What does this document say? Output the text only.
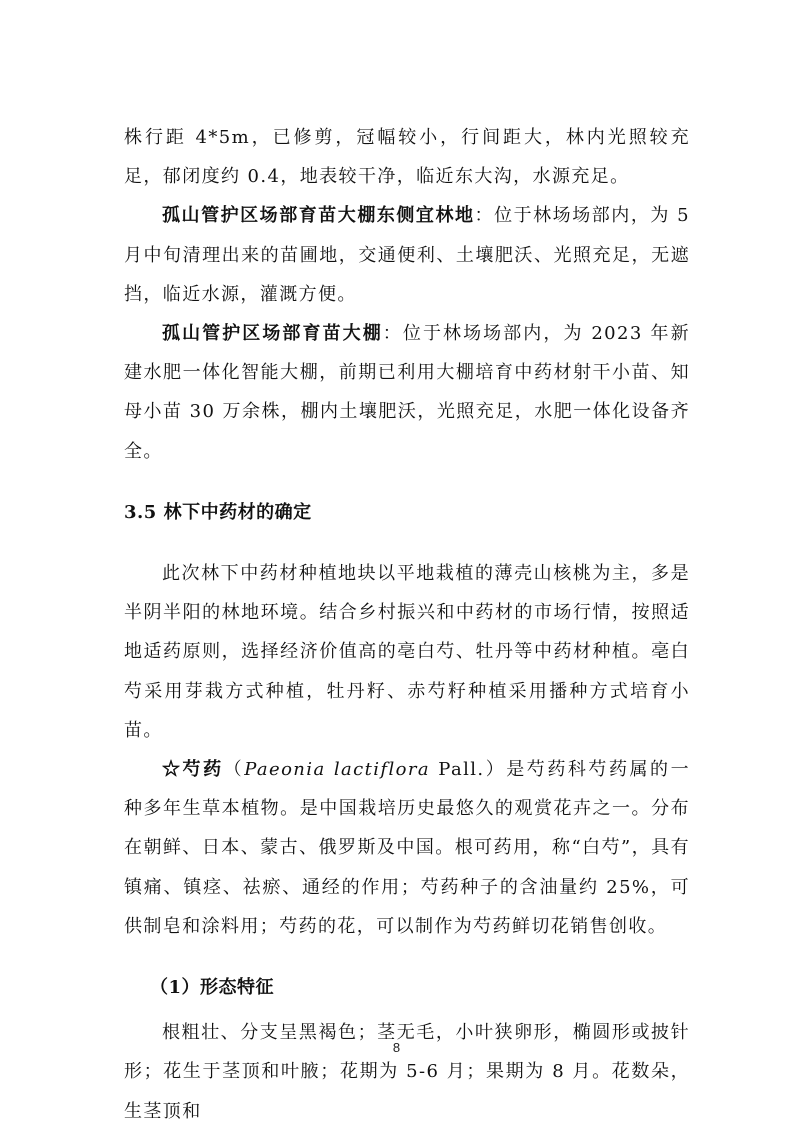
株行距 4*5m，已修剪，冠幅较小，行间距大，林内光照较充足，郁闭度约 0.4，地表较干净，临近东大沟，水源充足。

孤山管护区场部育苗大棚东侧宜林地：位于林场场部内，为 5 月中旬清理出来的苗圃地，交通便利、土壤肥沃、光照充足，无遮挡，临近水源，灌溉方便。

孤山管护区场部育苗大棚：位于林场场部内，为 2023 年新建水肥一体化智能大棚，前期已利用大棚培育中药材射干小苗、知母小苗 30 万余株，棚内土壤肥沃，光照充足，水肥一体化设备齐全。

3.5 林下中药材的确定

此次林下中药材种植地块以平地栽植的薄壳山核桃为主，多是半阴半阳的林地环境。结合乡村振兴和中药材的市场行情，按照适地适药原则，选择经济价值高的亳白芍、牡丹等中药材种植。亳白芍采用芽栽方式种植，牡丹籽、赤芍籽种植采用播种方式培育小苗。

☆芍药（Paeonia lactiflora Pall.）是芍药科芍药属的一种多年生草本植物。是中国栽培历史最悠久的观赏花卉之一。分布在朝鲜、日本、蒙古、俄罗斯及中国。根可药用，称“白芍”，具有镇痛、镇痉、祛瘀、通经的作用；芍药种子的含油量约 25%，可供制皂和涂料用；芍药的花，可以制作为芍药鲜切花销售创收。

（1）形态特征

根粗壮、分支呈黑褐色；茎无毛，小叶狭卵形，椭圆形或披针形；花生于茎顶和叶腋；花期为 5-6 月；果期为 8 月。花数朵，生茎顶和

8
